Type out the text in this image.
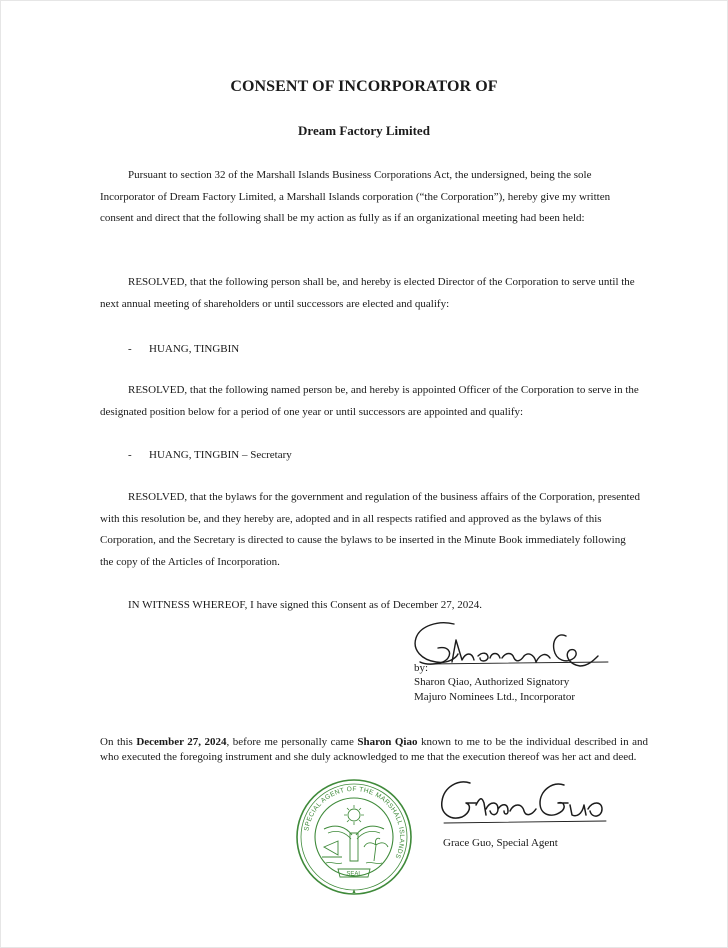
CONSENT OF INCORPORATOR OF
Dream Factory Limited

Pursuant to section 32 of the Marshall Islands Business Corporations Act, the undersigned, being the sole Incorporator of Dream Factory Limited, a Marshall Islands corporation (“the Corporation”), hereby give my written consent and direct that the following shall be my action as fully as if an organizational meeting had been held:

RESOLVED, that the following person shall be, and hereby is elected Director of the Corporation to serve until the next annual meeting of shareholders or until successors are elected and qualify:

- HUANG, TINGBIN

RESOLVED, that the following named person be, and hereby is appointed Officer of the Corporation to serve in the designated position below for a period of one year or until successors are appointed and qualify:

- HUANG, TINGBIN – Secretary

RESOLVED, that the bylaws for the government and regulation of the business affairs of the Corporation, presented with this resolution be, and they hereby are, adopted and in all respects ratified and approved as the bylaws of this Corporation, and the Secretary is directed to cause the bylaws to be inserted in the Minute Book immediately following the copy of the Articles of Incorporation.

IN WITNESS WHEREOF, I have signed this Consent as of December 27, 2024.

by:
Sharon Qiao, Authorized Signatory
Majuro Nominees Ltd., Incorporator

On this December 27, 2024, before me personally came Sharon Qiao known to me to be the individual described in and who executed the foregoing instrument and she duly acknowledged to me that the execution thereof was her act and deed.

SPECIAL AGENT OF THE MARSHALL ISLANDS
SEAL
Grace Guo, Special Agent
